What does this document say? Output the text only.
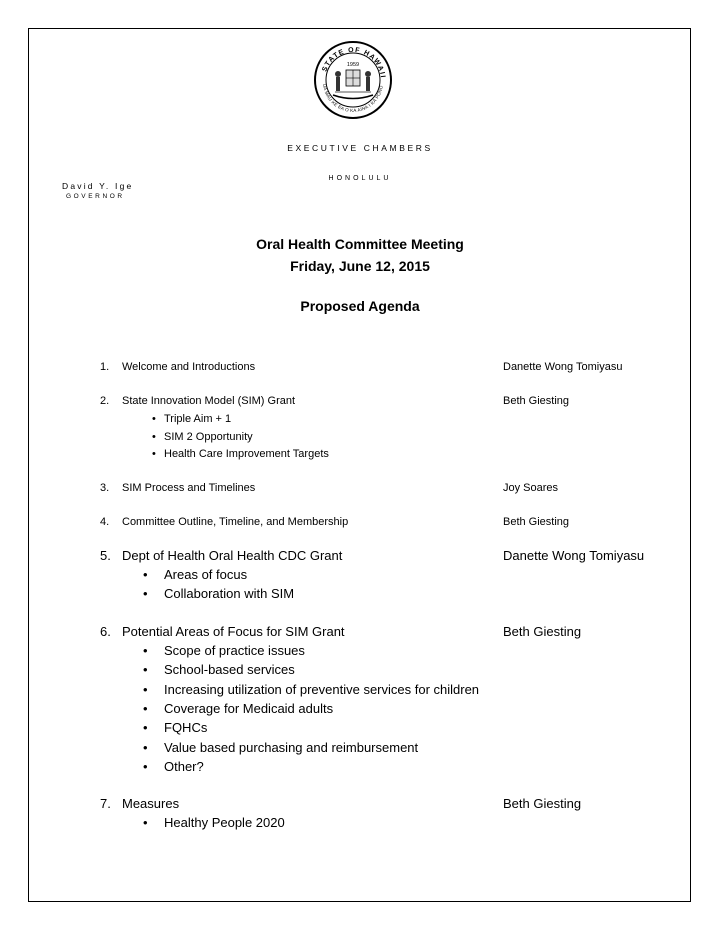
STATE OF HAWAII
UA MAU KE EA O KA AINA I KA PONO
1959
EXECUTIVE CHAMBERS
HONOLULU
David Y. Ige
GOVERNOR
Oral Health Committee Meeting
Friday, June 12, 2015
Proposed Agenda
1. Welcome and Introductions	Danette Wong Tomiyasu
2. State Innovation Model (SIM) Grant	Beth Giesting
• Triple Aim + 1
• SIM 2 Opportunity
• Health Care Improvement Targets
3. SIM Process and Timelines	Joy Soares
4. Committee Outline, Timeline, and Membership	Beth Giesting
5. Dept of Health Oral Health CDC Grant	Danette Wong Tomiyasu
• Areas of focus
• Collaboration with SIM
6. Potential Areas of Focus for SIM Grant	Beth Giesting
• Scope of practice issues
• School-based services
• Increasing utilization of preventive services for children
• Coverage for Medicaid adults
• FQHCs
• Value based purchasing and reimbursement
• Other?
7. Measures	Beth Giesting
• Healthy People 2020
